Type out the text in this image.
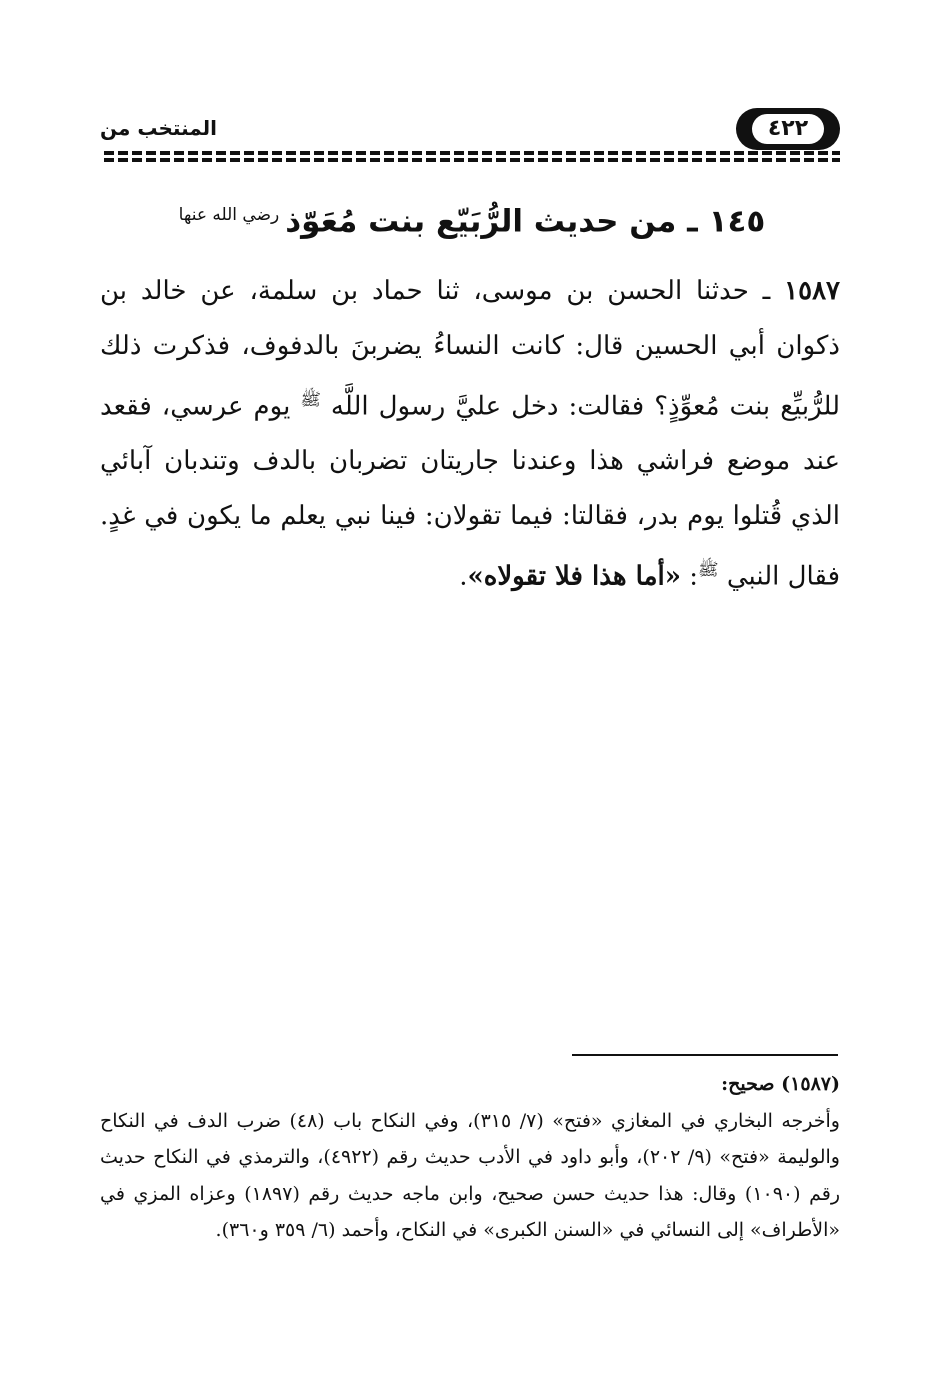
٤٢٢
المنتخب من
١٤٥ ـ من حديث الرُّبَيّع بنت مُعَوّذ$^{رضي الله عنها}$
١٥٨٧ ـ حدثنا الحسن بن موسى، ثنا حماد بن سلمة، عن خالد بن ذكوان أبي الحسين قال: كانت النساءُ يضربنَ بالدفوف، فذكرت ذلك للرُّبيِّع بنت مُعوِّذٍ؟ فقالت: دخل عليَّ رسول اللَّه $^ﷺ$ يوم عرسي، فقعد عند موضع فراشي هذا وعندنا جاريتان تضربان بالدف وتندبان آبائي الذي قُتلوا يوم بدر، فقالتا: فيما تقولان: فينا نبي يعلم ما يكون في غدٍ. فقال النبي $^ﷺ$: «أما هذا فلا تقولاه».
(١٥٨٧) صحيح:
وأخرجه البخاري في المغازي «فتح» (٧/ ٣١٥)، وفي النكاح باب (٤٨) ضرب الدف في النكاح والوليمة «فتح» (٩/ ٢٠٢)، وأبو داود في الأدب حديث رقم (٤٩٢٢)، والترمذي في النكاح حديث رقم (١٠٩٠) وقال: هذا حديث حسن صحيح، وابن ماجه حديث رقم (١٨٩٧) وعزاه المزي في «الأطراف» إلى النسائي في «السنن الكبرى» في النكاح، وأحمد (٦/ ٣٥٩ و٣٦٠).
